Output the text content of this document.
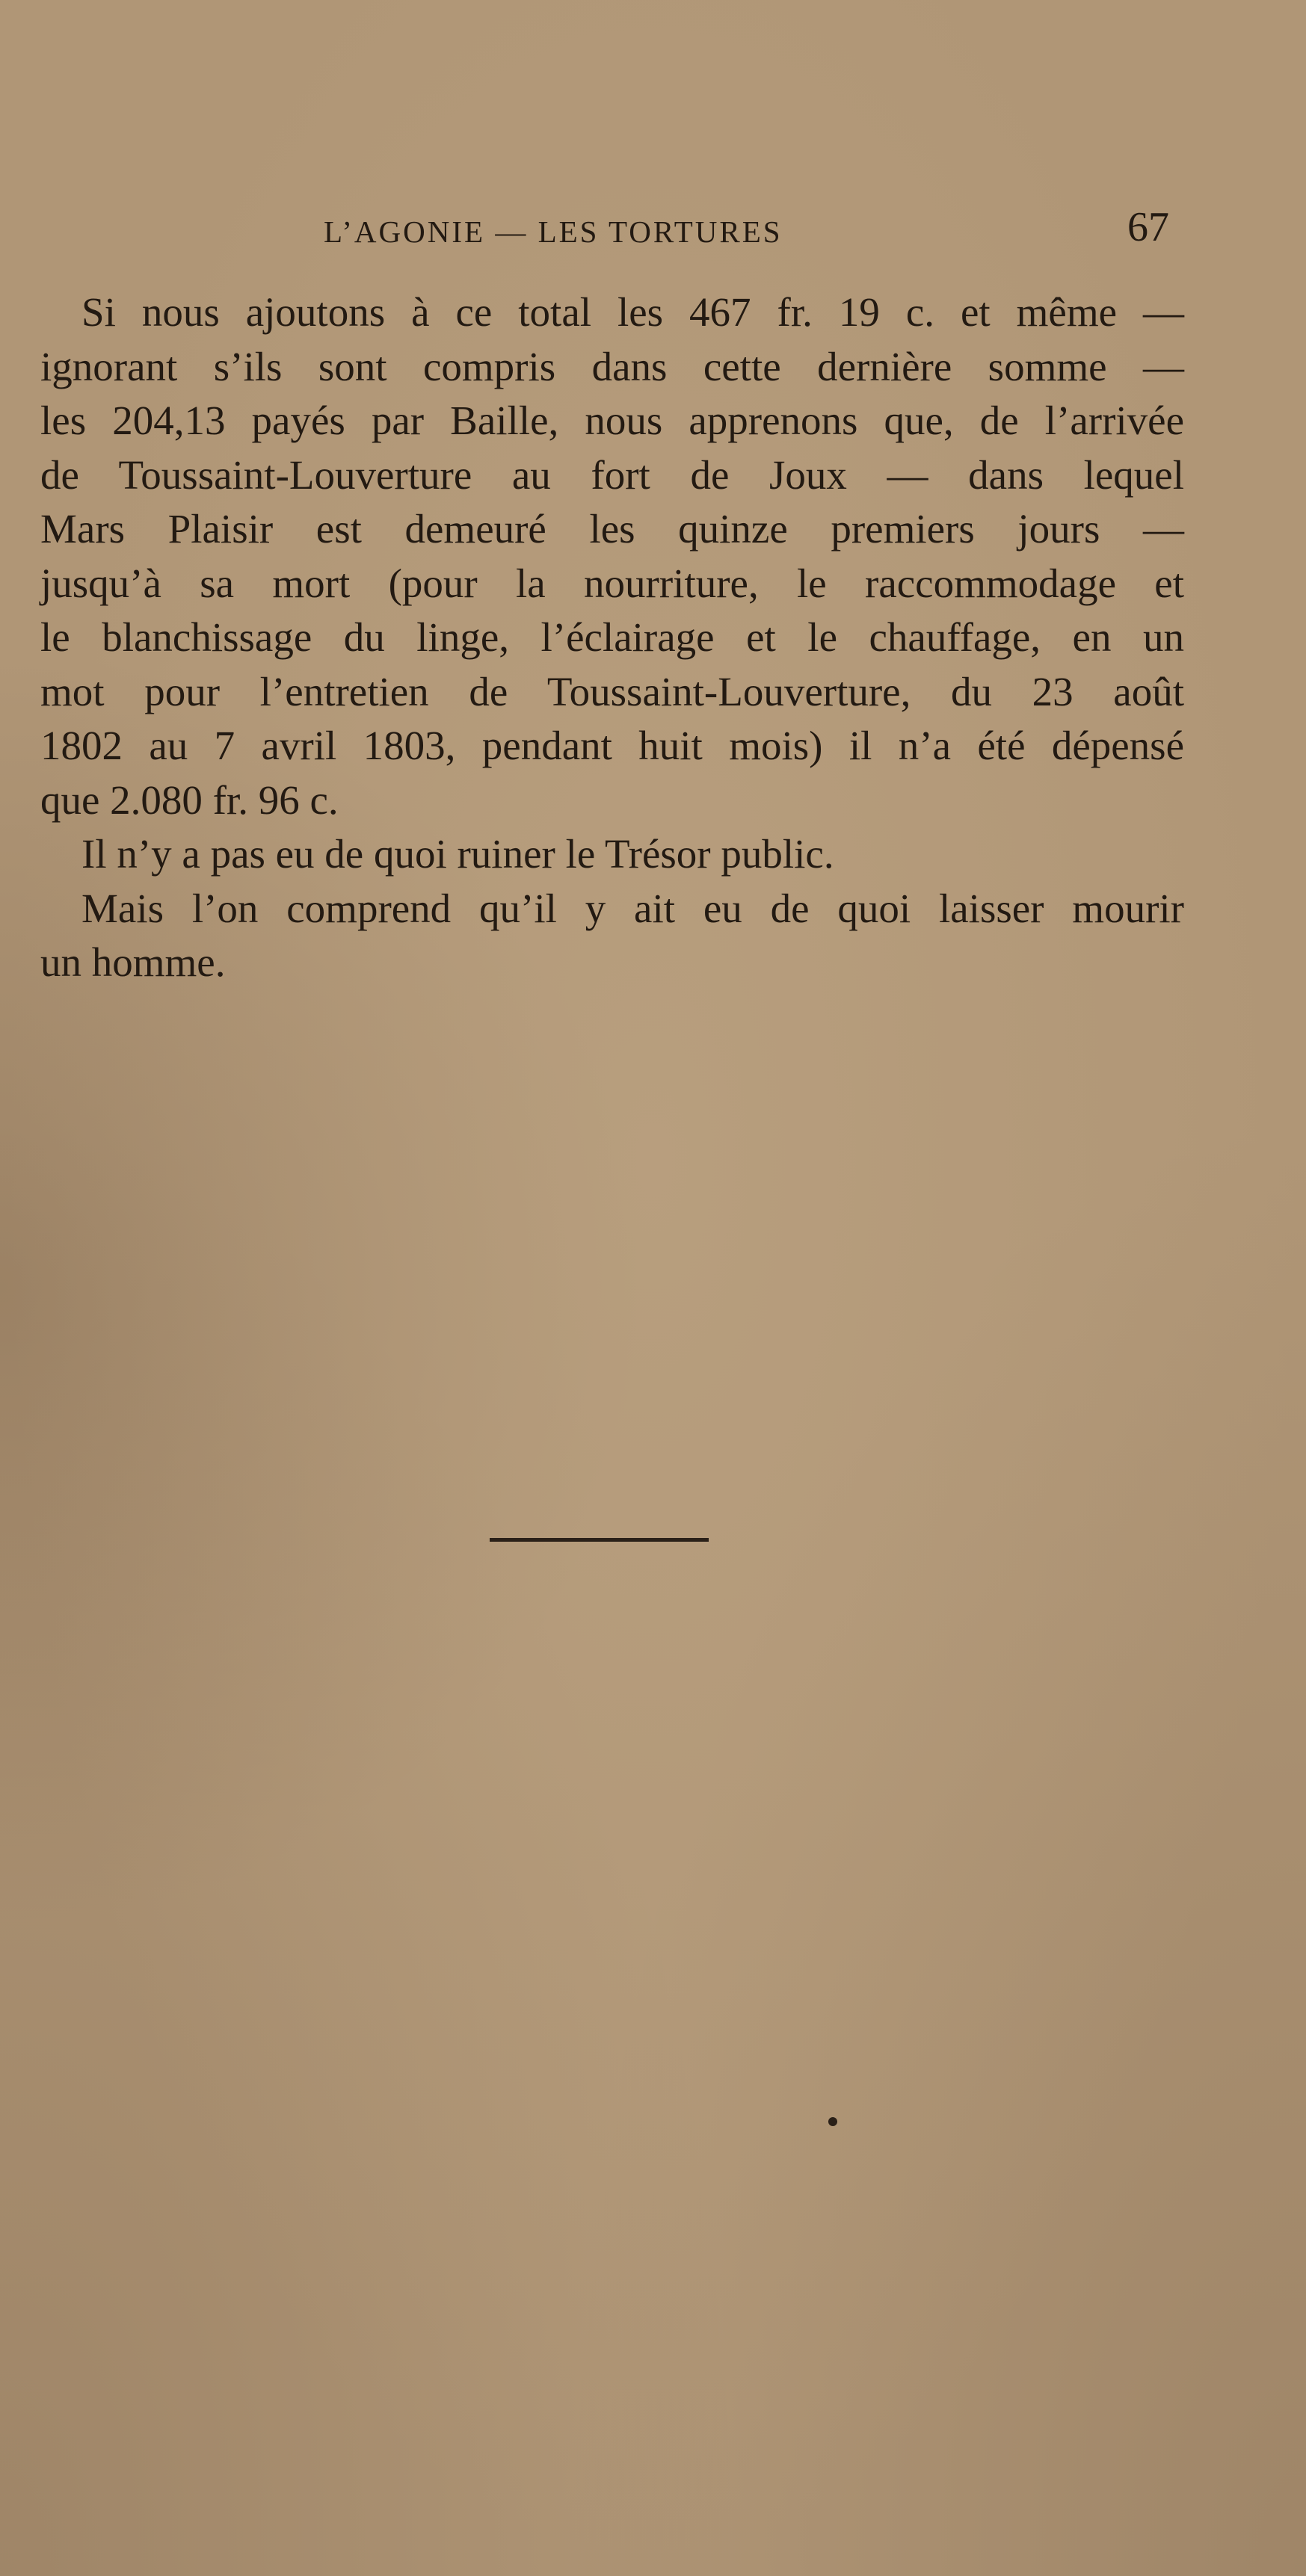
L’AGONIE — LES TORTURES	67
Si nous ajoutons à ce total les 467 fr. 19 c. et même —
ignorant s’ils sont compris dans cette dernière somme —
les 204,13 payés par Baille, nous apprenons que, de l’arrivée
de Toussaint-Louverture au fort de Joux — dans lequel
Mars Plaisir est demeuré les quinze premiers jours —
jusqu’à sa mort (pour la nourriture, le raccommodage et
le blanchissage du linge, l’éclairage et le chauffage, en un
mot pour l’entretien de Toussaint-Louverture, du 23 août
1802 au 7 avril 1803, pendant huit mois) il n’a été dépensé
que 2.080 fr. 96 c.
Il n’y a pas eu de quoi ruiner le Trésor public.
Mais l’on comprend qu’il y ait eu de quoi laisser mourir
un homme.
